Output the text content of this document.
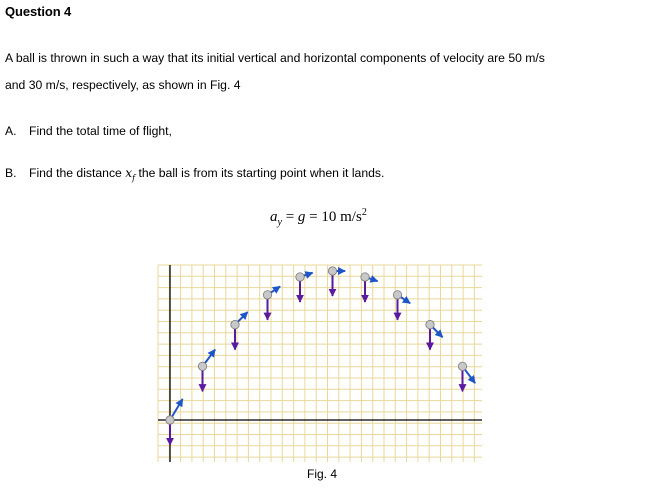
Question 4
A ball is thrown in such a way that its initial vertical and horizontal components of velocity are 50 m/s
and 30 m/s, respectively, as shown in Fig. 4
A. Find the total time of flight,
B. Find the distance $x_f$ the ball is from its starting point when it lands.
$a_y = g = 10$ $m/s^2$
Fig. 4
